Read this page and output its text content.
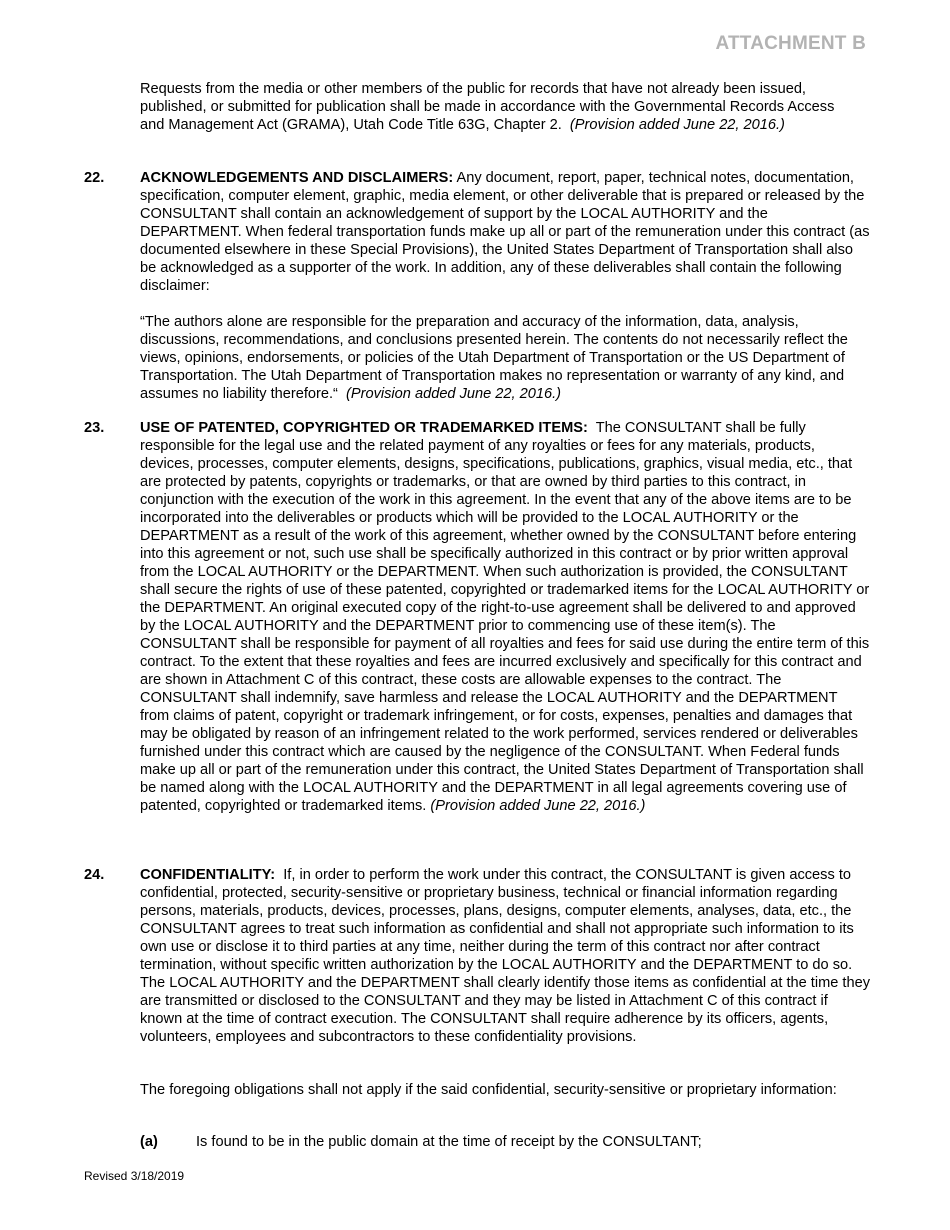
ATTACHMENT B

Requests from the media or other members of the public for records that have not already been issued, published, or submitted for publication shall be made in accordance with the Governmental Records Access and Management Act (GRAMA), Utah Code Title 63G, Chapter 2. (Provision added June 22, 2016.)

22. ACKNOWLEDGEMENTS AND DISCLAIMERS: Any document, report, paper, technical notes, documentation, specification, computer element, graphic, media element, or other deliverable that is prepared or released by the CONSULTANT shall contain an acknowledgement of support by the LOCAL AUTHORITY and the DEPARTMENT. When federal transportation funds make up all or part of the remuneration under this contract (as documented elsewhere in these Special Provisions), the United States Department of Transportation shall also be acknowledged as a supporter of the work. In addition, any of these deliverables shall contain the following disclaimer:

“The authors alone are responsible for the preparation and accuracy of the information, data, analysis, discussions, recommendations, and conclusions presented herein. The contents do not necessarily reflect the views, opinions, endorsements, or policies of the Utah Department of Transportation or the US Department of Transportation. The Utah Department of Transportation makes no representation or warranty of any kind, and assumes no liability therefore.“ (Provision added June 22, 2016.)

23. USE OF PATENTED, COPYRIGHTED OR TRADEMARKED ITEMS: The CONSULTANT shall be fully responsible for the legal use and the related payment of any royalties or fees for any materials, products, devices, processes, computer elements, designs, specifications, publications, graphics, visual media, etc., that are protected by patents, copyrights or trademarks, or that are owned by third parties to this contract, in conjunction with the execution of the work in this agreement. In the event that any of the above items are to be incorporated into the deliverables or products which will be provided to the LOCAL AUTHORITY or the DEPARTMENT as a result of the work of this agreement, whether owned by the CONSULTANT before entering into this agreement or not, such use shall be specifically authorized in this contract or by prior written approval from the LOCAL AUTHORITY or the DEPARTMENT. When such authorization is provided, the CONSULTANT shall secure the rights of use of these patented, copyrighted or trademarked items for the LOCAL AUTHORITY or the DEPARTMENT. An original executed copy of the right-to-use agreement shall be delivered to and approved by the LOCAL AUTHORITY and the DEPARTMENT prior to commencing use of these item(s). The CONSULTANT shall be responsible for payment of all royalties and fees for said use during the entire term of this contract. To the extent that these royalties and fees are incurred exclusively and specifically for this contract and are shown in Attachment C of this contract, these costs are allowable expenses to the contract. The CONSULTANT shall indemnify, save harmless and release the LOCAL AUTHORITY and the DEPARTMENT from claims of patent, copyright or trademark infringement, or for costs, expenses, penalties and damages that may be obligated by reason of an infringement related to the work performed, services rendered or deliverables furnished under this contract which are caused by the negligence of the CONSULTANT. When Federal funds make up all or part of the remuneration under this contract, the United States Department of Transportation shall be named along with the LOCAL AUTHORITY and the DEPARTMENT in all legal agreements covering use of patented, copyrighted or trademarked items. (Provision added June 22, 2016.)

24. CONFIDENTIALITY: If, in order to perform the work under this contract, the CONSULTANT is given access to confidential, protected, security-sensitive or proprietary business, technical or financial information regarding persons, materials, products, devices, processes, plans, designs, computer elements, analyses, data, etc., the CONSULTANT agrees to treat such information as confidential and shall not appropriate such information to its own use or disclose it to third parties at any time, neither during the term of this contract nor after contract termination, without specific written authorization by the LOCAL AUTHORITY and the DEPARTMENT to do so. The LOCAL AUTHORITY and the DEPARTMENT shall clearly identify those items as confidential at the time they are transmitted or disclosed to the CONSULTANT and they may be listed in Attachment C of this contract if known at the time of contract execution. The CONSULTANT shall require adherence by its officers, agents, volunteers, employees and subcontractors to these confidentiality provisions.

The foregoing obligations shall not apply if the said confidential, security-sensitive or proprietary information:

(a)	Is found to be in the public domain at the time of receipt by the CONSULTANT;

Revised 3/18/2019
